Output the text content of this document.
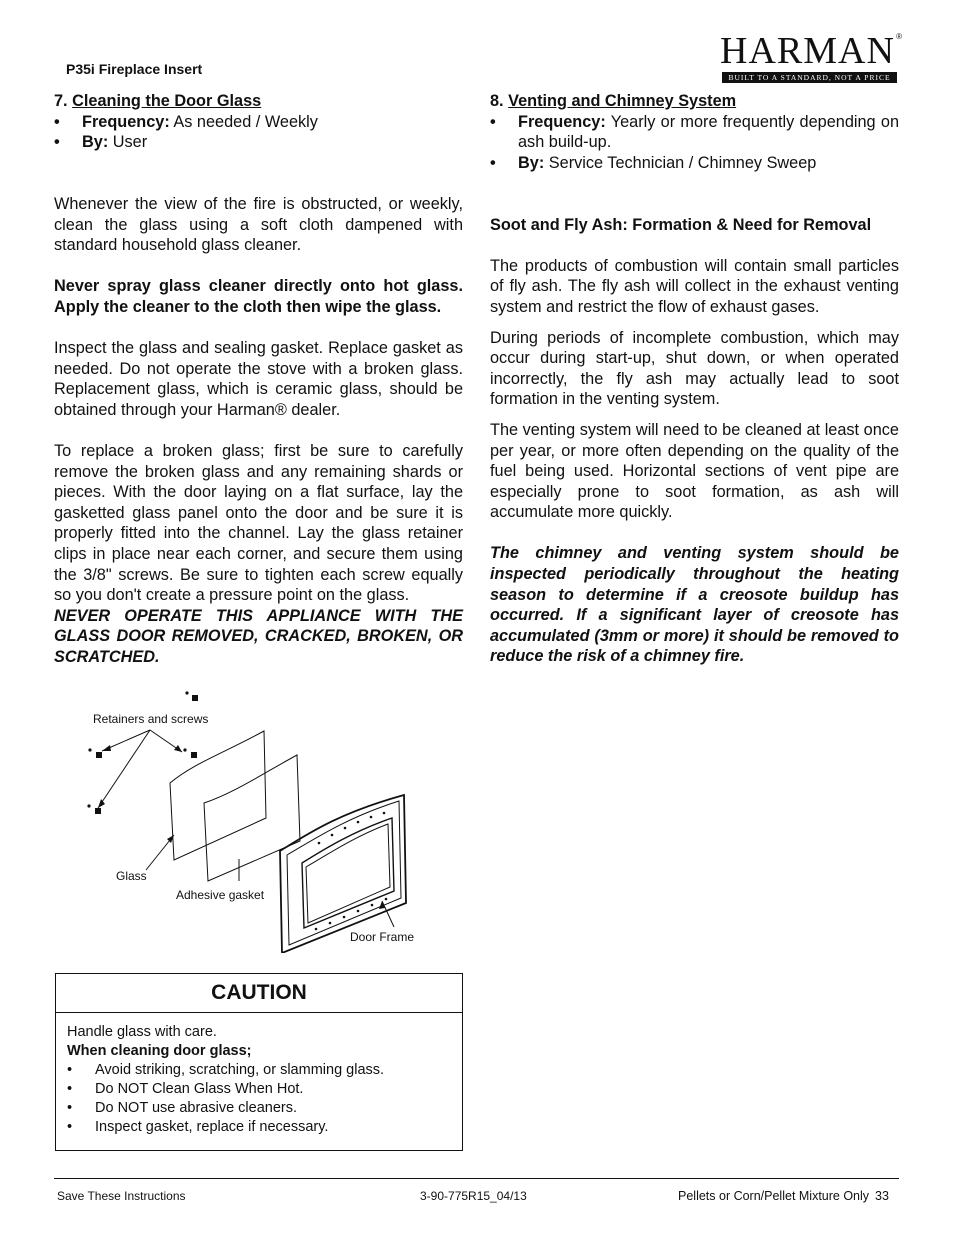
P35i Fireplace Insert	HARMAN ®
BUILT TO A STANDARD, NOT A PRICE

7. Cleaning the Door Glass

• Frequency: As needed / Weekly

• By: User

Whenever the view of the fire is obstructed, or weekly, clean the glass using a soft cloth dampened with standard household glass cleaner.

Never spray glass cleaner directly onto hot glass. Apply the cleaner to the cloth then wipe the glass.

Inspect the glass and sealing gasket. Replace gasket as needed. Do not operate the stove with a broken glass. Replacement glass, which is ceramic glass, should be obtained through your Harman® dealer.

To replace a broken glass; first be sure to carefully remove the broken glass and any remaining shards or pieces. With the door laying on a flat surface, lay the gasketted glass panel onto the door and be sure it is properly fitted into the channel. Lay the glass retainer clips in place near each corner, and secure them using the 3/8" screws. Be sure to tighten each screw equally so you don't create a pressure point on the glass.

NEVER OPERATE THIS APPLIANCE WITH THE GLASS DOOR REMOVED, CRACKED, BROKEN, OR SCRATCHED.

Retainers and screws
Glass
Adhesive gasket
Door Frame
CAUTION
Handle glass with care.
When cleaning door glass;
• Avoid striking, scratching, or slamming glass.
• Do NOT Clean Glass When Hot.
• Do NOT use abrasive cleaners.
• Inspect gasket, replace if necessary.

8. Venting and Chimney System

• Frequency: Yearly or more frequently depending on ash build-up.

• By: Service Technician / Chimney Sweep

Soot and Fly Ash: Formation & Need for Removal

The products of combustion will contain small particles of fly ash. The fly ash will collect in the exhaust venting system and restrict the flow of exhaust gases.

During periods of incomplete combustion, which may occur during start-up, shut down, or when operated incorrectly, the fly ash may actually lead to soot formation in the venting system.

The venting system will need to be cleaned at least once per year, or more often depending on the quality of the fuel being used. Horizontal sections of vent pipe are especially prone to soot formation, as ash will accumulate more quickly.

The chimney and venting system should be inspected periodically throughout the heating season to determine if a creosote buildup has occurred. If a significant layer of creosote has accumulated (3mm or more) it should be removed to reduce the risk of a chimney fire.

Save These Instructions	3-90-775R15_04/13	Pellets or Corn/Pellet Mixture Only 33
